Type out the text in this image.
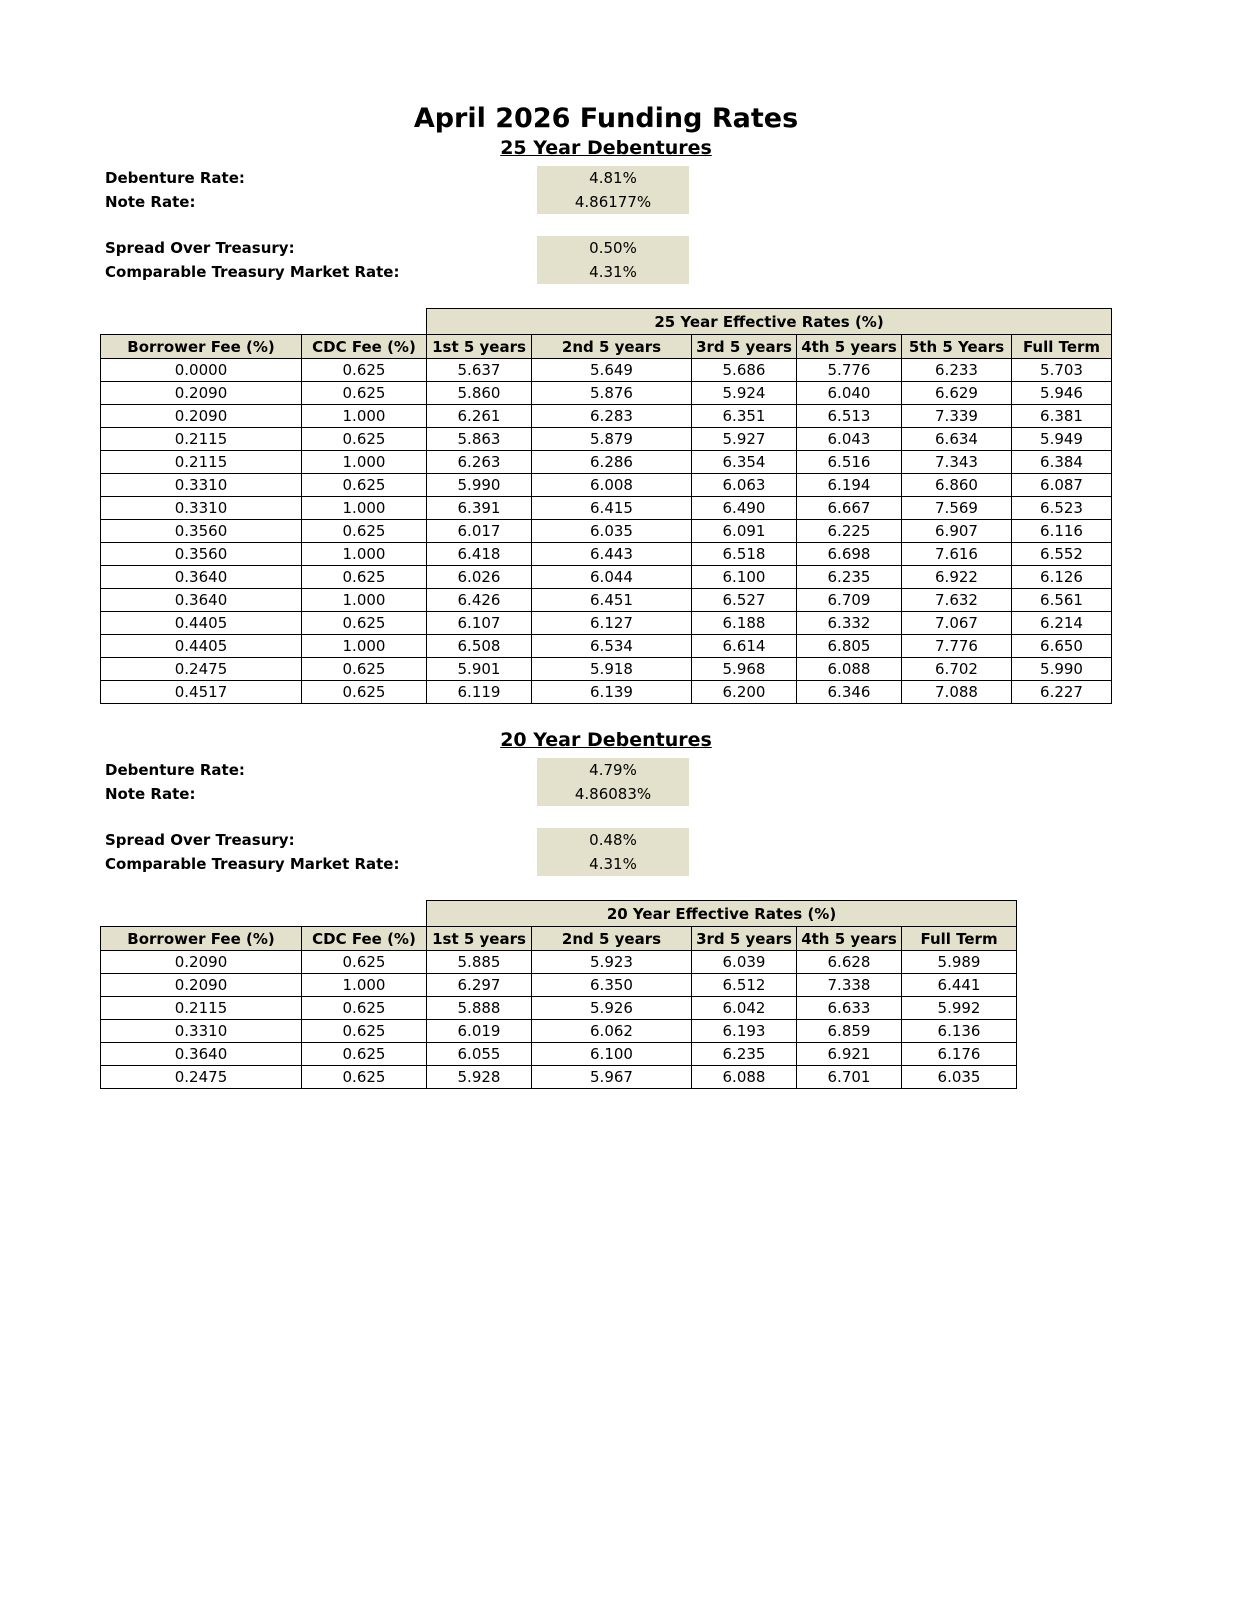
April 2026 Funding Rates
25 Year Debentures
Debenture Rate:	4.81%
Note Rate:	4.86177%
Spread Over Treasury:	0.50%
Comparable Treasury Market Rate:	4.31%
		25 Year Effective Rates (%)					
Borrower Fee (%)	CDC Fee (%)	1st 5 years	2nd 5 years	3rd 5 years	4th 5 years	5th 5 Years	Full Term
0.0000	0.625	5.637	5.649	5.686	5.776	6.233	5.703
0.2090	0.625	5.860	5.876	5.924	6.040	6.629	5.946
0.2090	1.000	6.261	6.283	6.351	6.513	7.339	6.381
0.2115	0.625	5.863	5.879	5.927	6.043	6.634	5.949
0.2115	1.000	6.263	6.286	6.354	6.516	7.343	6.384
0.3310	0.625	5.990	6.008	6.063	6.194	6.860	6.087
0.3310	1.000	6.391	6.415	6.490	6.667	7.569	6.523
0.3560	0.625	6.017	6.035	6.091	6.225	6.907	6.116
0.3560	1.000	6.418	6.443	6.518	6.698	7.616	6.552
0.3640	0.625	6.026	6.044	6.100	6.235	6.922	6.126
0.3640	1.000	6.426	6.451	6.527	6.709	7.632	6.561
0.4405	0.625	6.107	6.127	6.188	6.332	7.067	6.214
0.4405	1.000	6.508	6.534	6.614	6.805	7.776	6.650
0.2475	0.625	5.901	5.918	5.968	6.088	6.702	5.990
0.4517	0.625	6.119	6.139	6.200	6.346	7.088	6.227
20 Year Debentures
Debenture Rate:	4.79%
Note Rate:	4.86083%
Spread Over Treasury:	0.48%
Comparable Treasury Market Rate:	4.31%
		20 Year Effective Rates (%)				
Borrower Fee (%)	CDC Fee (%)	1st 5 years	2nd 5 years	3rd 5 years	4th 5 years	Full Term
0.2090	0.625	5.885	5.923	6.039	6.628	5.989
0.2090	1.000	6.297	6.350	6.512	7.338	6.441
0.2115	0.625	5.888	5.926	6.042	6.633	5.992
0.3310	0.625	6.019	6.062	6.193	6.859	6.136
0.3640	0.625	6.055	6.100	6.235	6.921	6.176
0.2475	0.625	5.928	5.967	6.088	6.701	6.035
